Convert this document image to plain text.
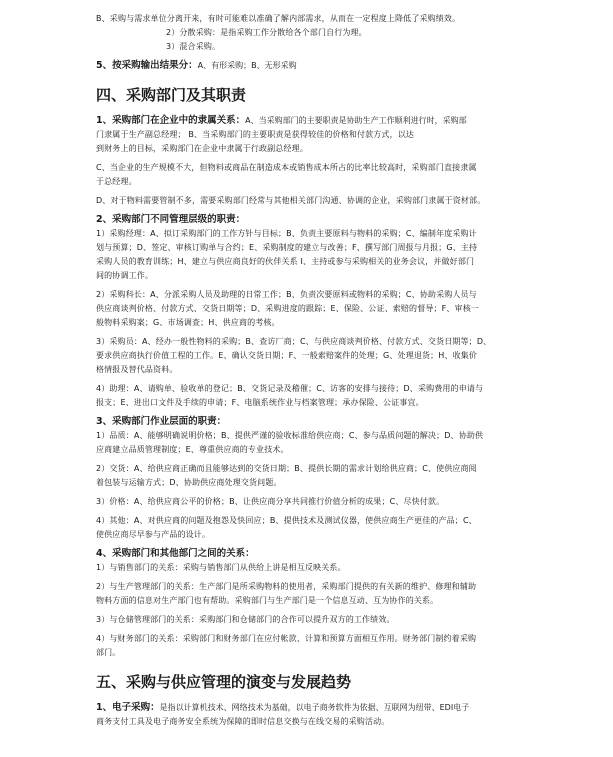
B、采购与需求单位分离开来，有时可能难以准确了解内部需求，从而在一定程度上降低了采购绩效。

2）分散采购：是指采购工作分散给各个部门自行为理。

3）混合采购。

5、按采购输出结果分：A、有形采购；B、无形采购

四、采购部门及其职责

1、采购部门在企业中的隶属关系：A、当采购部门的主要职责是协助生产工作顺利进行时，采购部

门隶属于生产副总经理； B、当采购部门的主要职责是获得较佳的价格和付款方式，以达

到财务上的目标，采购部门在企业中隶属于行政副总经理。

C、当企业的生产规模不大，但物料或商品在制造成本或销售成本所占的比率比较高时，采购部门直接隶属

于总经理。

D、对于物料需要管制不多，需要采购部门经常与其他相关部门沟通、协调的企业，采购部门隶属于资材部。

2、采购部门不同管理层级的职责：

1）采购经理：A、拟订采购部门的工作方针与目标；B、负责主要原料与物料的采购；C、编制年度采购计

划与预算；D、签定、审核订购单与合约；E、采购制度的建立与改善；F、撰写部门周报与月报；G、主持

采购人员的教育训练；H、建立与供应商良好的伙伴关系 I、主持或参与采购相关的业务会议，并做好部门

间的协调工作。

2）采购科长：A、分派采购人员及助理的日常工作；B、负责次要原料或物料的采购；C、协助采购人员与

供应商谈判价格、付款方式、交货日期等；D、采购进度的跟踪；E、保险、公证、索赔的督导；F、审核一

般物料采购案；G、市场调查；H、供应商的考核。

3）采购员：A、经办一般性物料的采购；B、查访厂商；C、与供应商谈判价格、付款方式、交货日期等；D、

要求供应商执行价值工程的工作。E、确认交货日期；F、一般索赔案件的处理；G、处理退货；H、收集价

格情报及替代品资料。

4）助理：A、请购单、验收单的登记；B、交货记录及稽催；C、访客的安排与接待；D、采购费用的申请与

报支；E、进出口文件及手续的申请；F、电脑系统作业与档案管理；承办保险、公证事宜。

3、采购部门作业层面的职责：

1）品质：A、能够明确说明价格；B、提供严谨的验收标准给供应商；C、参与品质问题的解决；D、协助供

应商建立品质管理制度；E、尊重供应商的专业技术。

2）交货：A、给供应商正确而且能够达到的交货日期；B、提供长期的需求计划给供应商；C、使供应商阅

着包装与运输方式；D、协助供应商处理交货问题。

3）价格：A、给供应商公平的价格；B、让供应商分享共同推行价值分析的成果；C、尽快付款。

4）其他：A、对供应商的问题及抱怨及快回应；B、提供技术及测试仪器，使供应商生产更佳的产品；C、

使供应商尽早参与产品的设计。

4、采购部门和其他部门之间的关系：

1）与销售部门的关系：采购与销售部门从供给上讲是相互反映关系。

2）与生产管理部门的关系：生产部门是所采购物料的使用者，采购部门提供的有关新的维护、修理和辅助

物料方面的信息对生产部门也有帮助。采购部门与生产部门是一个信息互动、互为协作的关系。

3）与仓储管理部门的关系：采购部门和仓储部门的合作可以提升双方的工作绩效。

4）与财务部门的关系：采购部门和财务部门在应付帐款、计算和预算方面相互作用。财务部门制约着采购

部门。

五、采购与供应管理的演变与发展趋势

1、电子采购：是指以计算机技术、网络技术为基础，以电子商务软件为依据、互联网为纽带、EDI电子

商务支付工具及电子商务安全系统为保障的即时信息交换与在线交易的采购活动。
